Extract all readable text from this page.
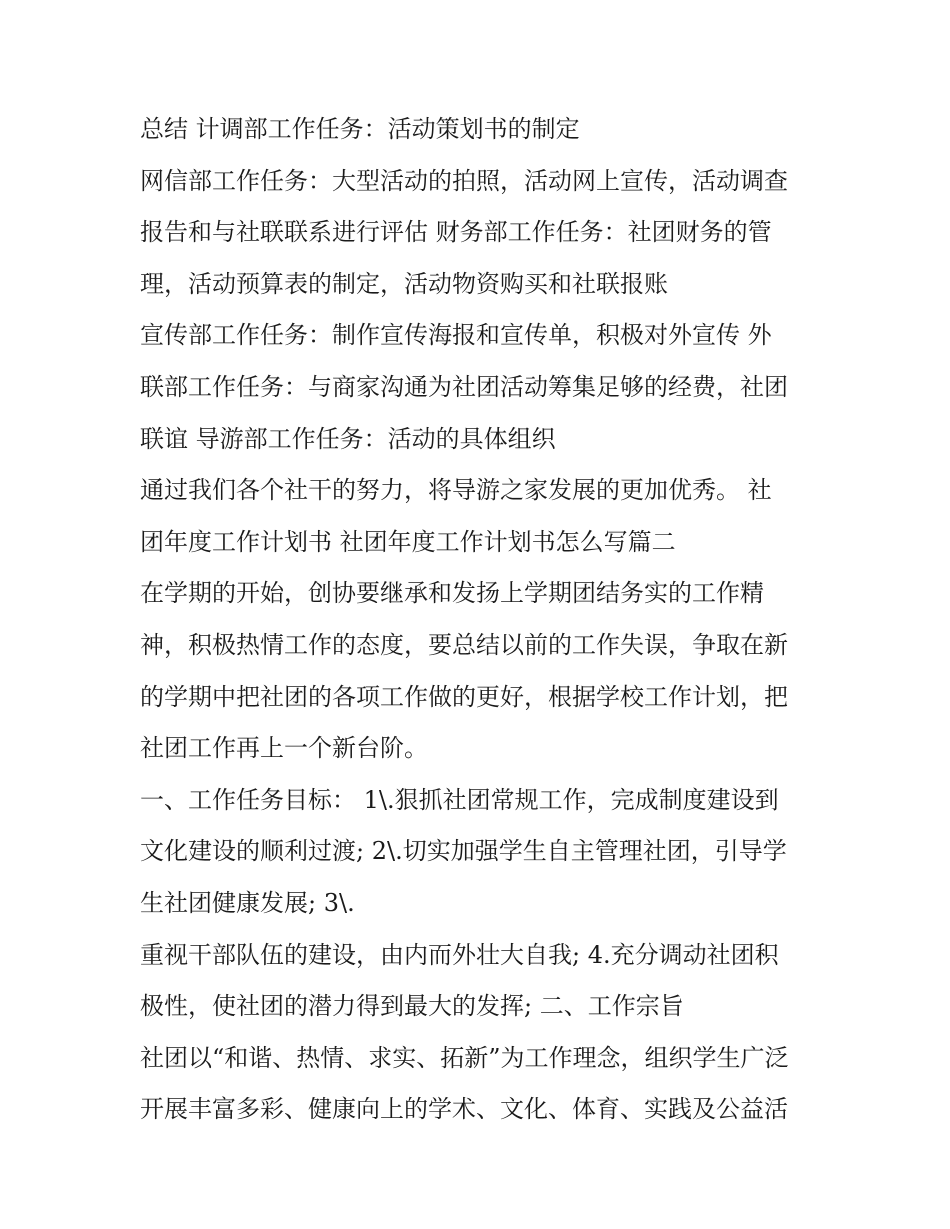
总结 计调部工作任务：活动策划书的制定
网信部工作任务：大型活动的拍照，活动网上宣传，活动调查
报告和与社联联系进行评估 财务部工作任务：社团财务的管
理，活动预算表的制定，活动物资购买和社联报账
宣传部工作任务：制作宣传海报和宣传单，积极对外宣传 外
联部工作任务：与商家沟通为社团活动筹集足够的经费，社团
联谊 导游部工作任务：活动的具体组织
通过我们各个社干的努力，将导游之家发展的更加优秀。 社
团年度工作计划书 社团年度工作计划书怎么写篇二
在学期的开始，创协要继承和发扬上学期团结务实的工作精
神，积极热情工作的态度，要总结以前的工作失误，争取在新
的学期中把社团的各项工作做的更好，根据学校工作计划，把
社团工作再上一个新台阶。
一、工作任务目标： 1\.狠抓社团常规工作，完成制度建设到
文化建设的顺利过渡; 2\.切实加强学生自主管理社团，引导学
生社团健康发展; 3\.
重视干部队伍的建设，由内而外壮大自我; 4.充分调动社团积
极性，使社团的潜力得到最大的发挥; 二、工作宗旨
社团以“和谐、热情、求实、拓新”为工作理念，组织学生广泛
开展丰富多彩、健康向上的学术、文化、体育、实践及公益活
